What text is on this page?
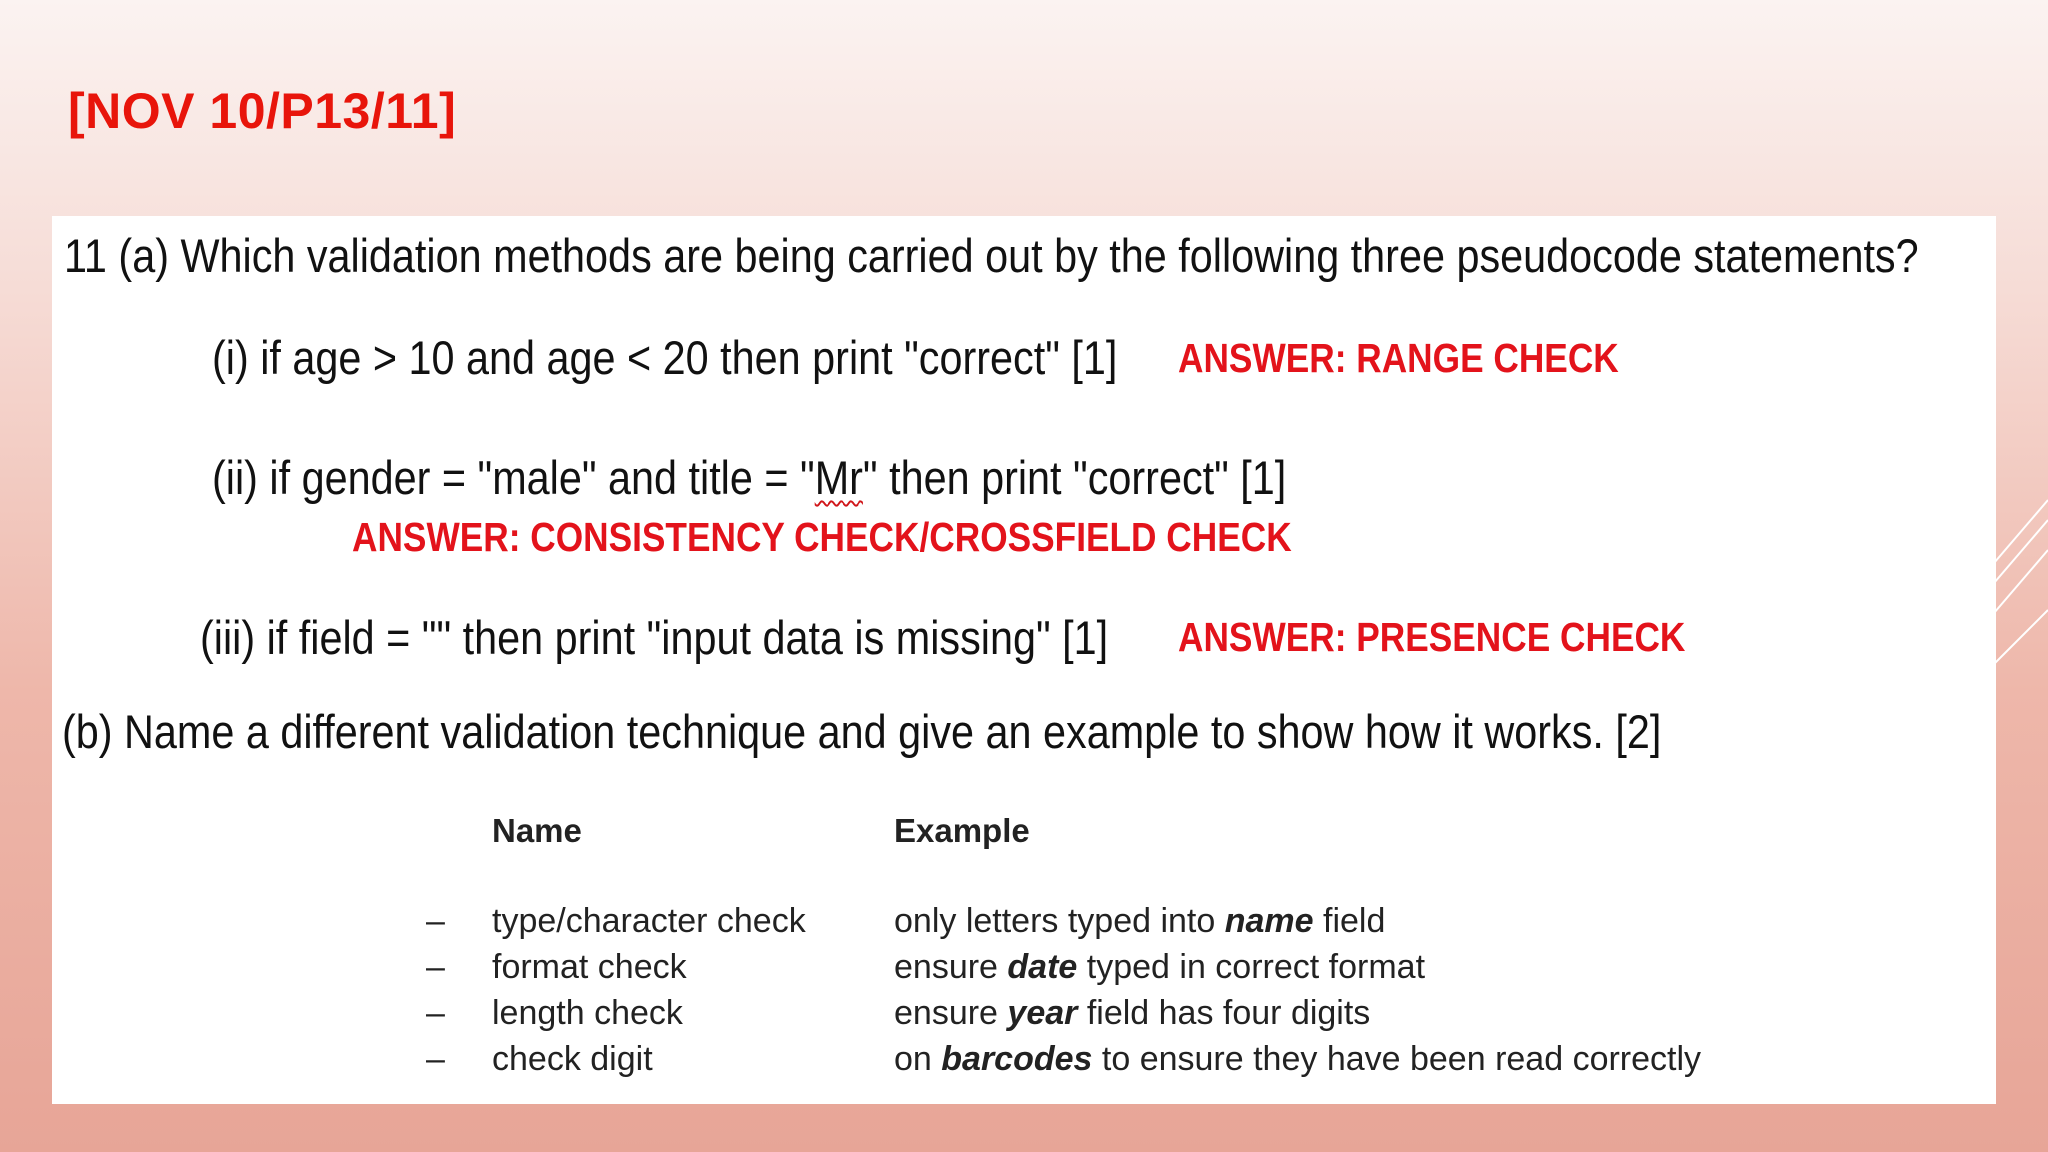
[NOV 10/P13/11]
11 (a) Which validation methods are being carried out by the following three pseudocode statements?
(i) if age > 10 and age < 20 then print "correct" [1] ANSWER: RANGE CHECK
(ii) if gender = "male" and title = "Mr" then print "correct" [1]
ANSWER: CONSISTENCY CHECK/CROSSFIELD CHECK
(iii) if field = "" then print "input data is missing" [1] ANSWER: PRESENCE CHECK
(b) Name a different validation technique and give an example to show how it works. [2]
Name	Example
– type/character check	only letters typed into name field
– format check	ensure date typed in correct format
– length check	ensure year field has four digits
– check digit	on barcodes to ensure they have been read correctly
